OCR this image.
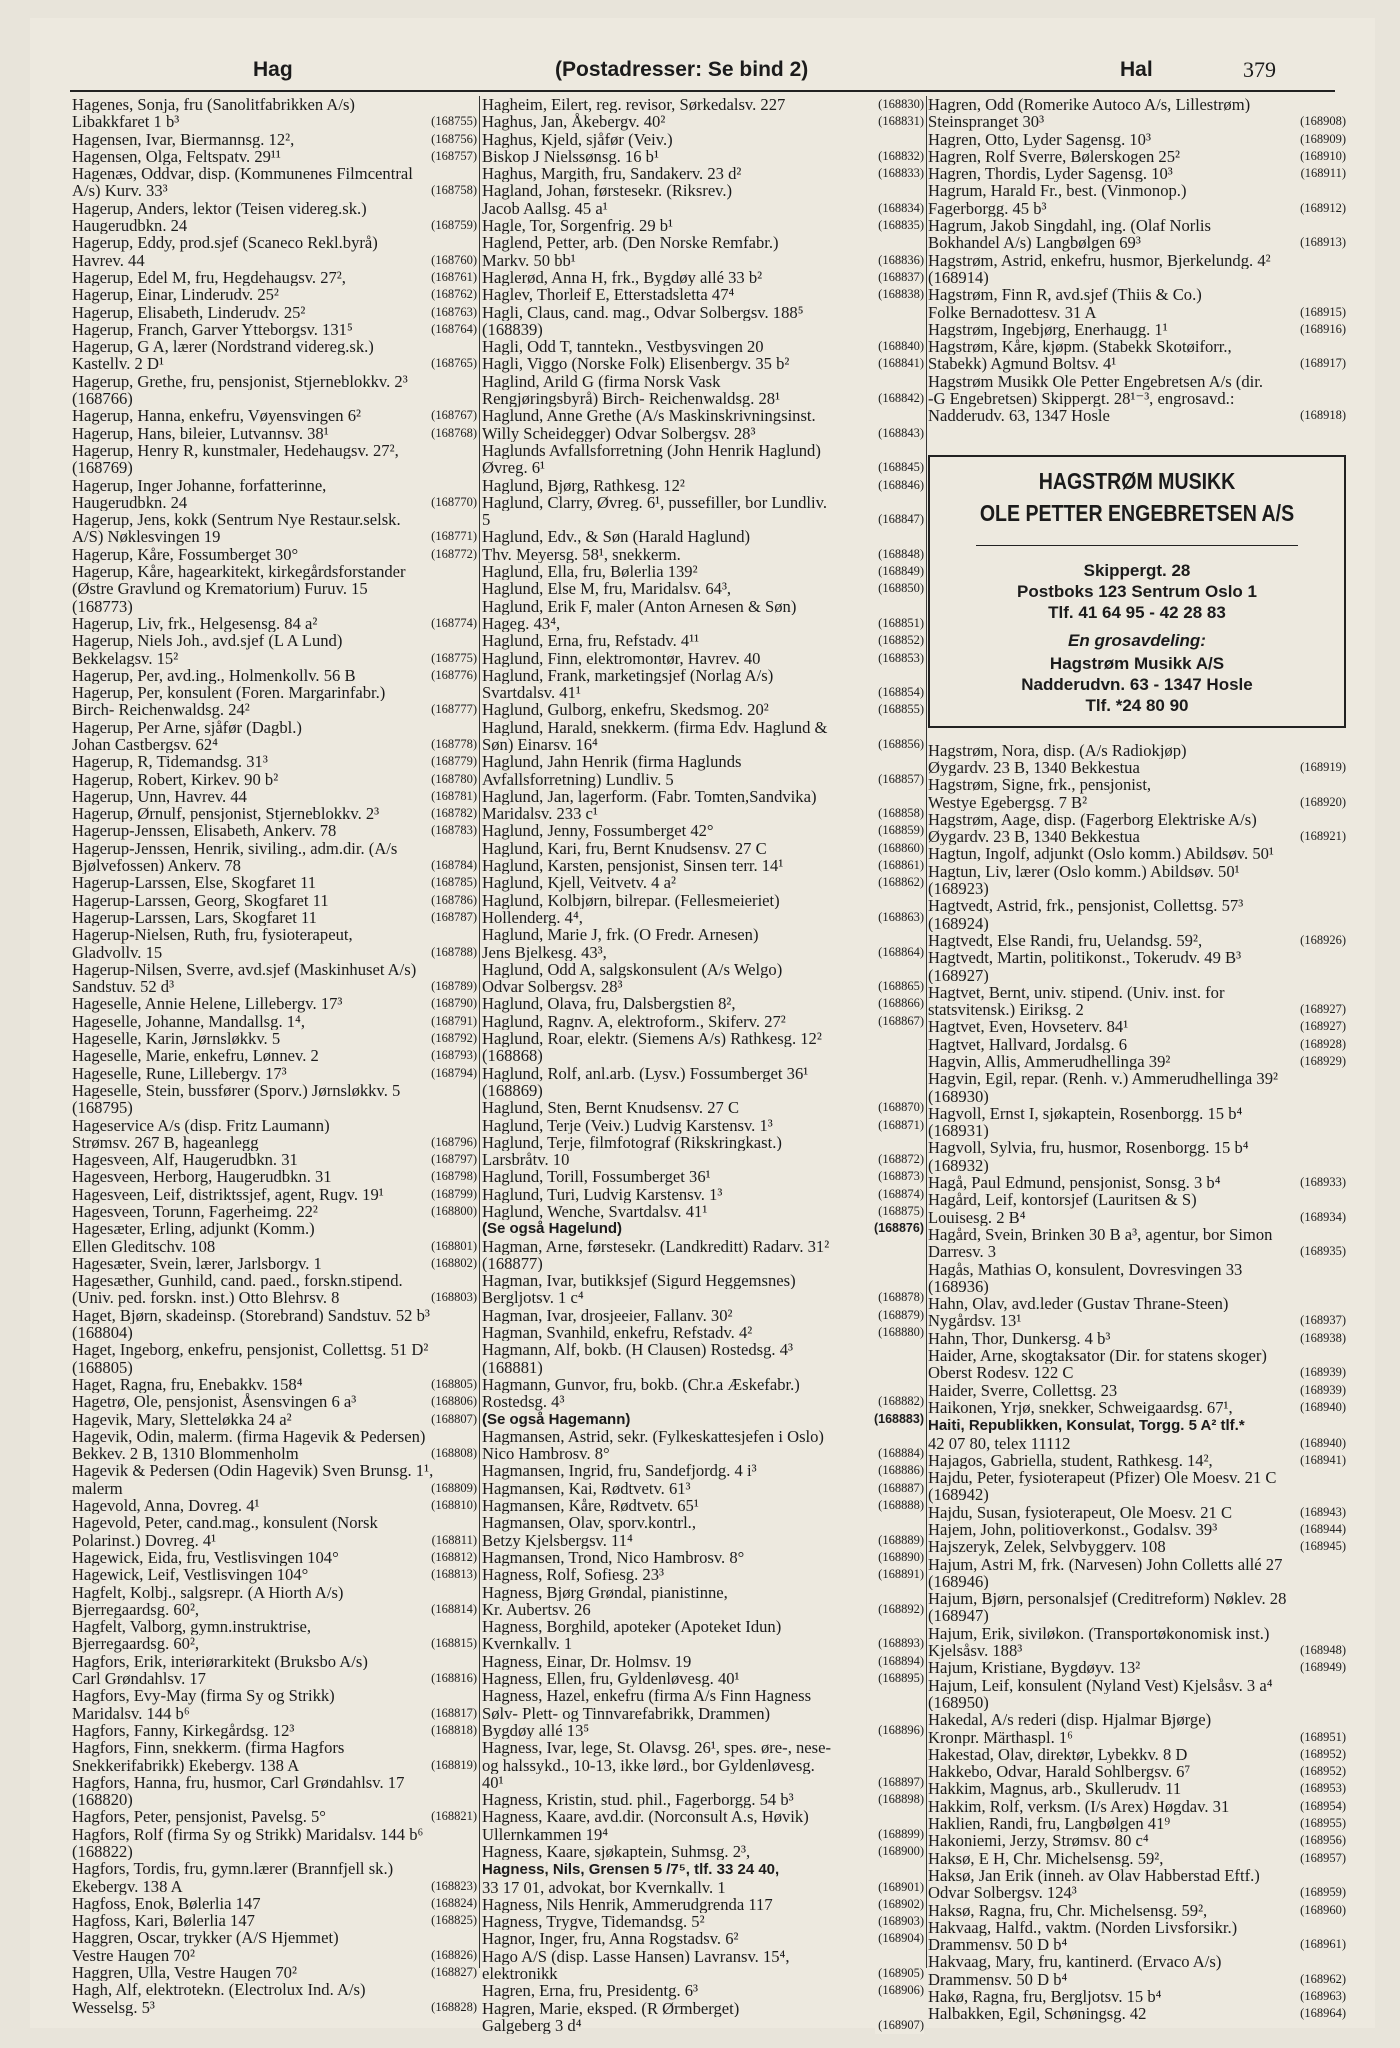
Hag	(Postadresser: Se bind 2)	Hal	379
Hagenes, Sonja, fru (Sanolitfabrikken A/s)
Libakkfaret 1 b³	(168755)
Hagensen, Ivar, Biermannsg. 12²,	(168756)
Hagensen, Olga, Feltspatv. 29¹¹	(168757)
Hagenæs, Oddvar, disp. (Kommunenes Filmcentral
A/s) Kurv. 33³	(168758)
Hagerup, Anders, lektor (Teisen videreg.sk.)
Haugerudbkn. 24	(168759)
Hagerup, Eddy, prod.sjef (Scaneco Rekl.byrå)
Havrev. 44	(168760)
Hagerup, Edel M, fru, Hegdehaugsv. 27²,	(168761)
Hagerup, Einar, Linderudv. 25²	(168762)
Hagerup, Elisabeth, Linderudv. 25²	(168763)
Hagerup, Franch, Garver Ytteborgsv. 131⁵	(168764)
Hagerup, G A, lærer (Nordstrand videreg.sk.)
Kastellv. 2 D¹	(168765)
Hagerup, Grethe, fru, pensjonist, Stjerneblokkv. 2³
(168766)
Hagerup, Hanna, enkefru, Vøyensvingen 6²	(168767)
Hagerup, Hans, bileier, Lutvannsv. 38¹	(168768)
Hagerup, Henry R, kunstmaler, Hedehaugsv. 27²,
(168769)
Hagerup, Inger Johanne, forfatterinne,
Haugerudbkn. 24	(168770)
Hagerup, Jens, kokk (Sentrum Nye Restaur.selsk.
A/S) Nøklesvingen 19	(168771)
Hagerup, Kåre, Fossumberget 30°	(168772)
Hagerup, Kåre, hagearkitekt, kirkegårdsforstander
(Østre Gravlund og Krematorium) Furuv. 15
(168773)
Hagerup, Liv, frk., Helgesensg. 84 a²	(168774)
Hagerup, Niels Joh., avd.sjef (L A Lund)
Bekkelagsv. 15²	(168775)
Hagerup, Per, avd.ing., Holmenkollv. 56 B	(168776)
Hagerup, Per, konsulent (Foren. Margarinfabr.)
Birch- Reichenwaldsg. 24²	(168777)
Hagerup, Per Arne, sjåfør (Dagbl.)
Johan Castbergsv. 62⁴	(168778)
Hagerup, R, Tidemandsg. 31³	(168779)
Hagerup, Robert, Kirkev. 90 b²	(168780)
Hagerup, Unn, Havrev. 44	(168781)
Hagerup, Ørnulf, pensjonist, Stjerneblokkv. 2³	(168782)
Hagerup-Jenssen, Elisabeth, Ankerv. 78	(168783)
Hagerup-Jenssen, Henrik, siviling., adm.dir. (A/s
Bjølvefossen) Ankerv. 78	(168784)
Hagerup-Larssen, Else, Skogfaret 11	(168785)
Hagerup-Larssen, Georg, Skogfaret 11	(168786)
Hagerup-Larssen, Lars, Skogfaret 11	(168787)
Hagerup-Nielsen, Ruth, fru, fysioterapeut,
Gladvollv. 15	(168788)
Hagerup-Nilsen, Sverre, avd.sjef (Maskinhuset A/s)
Sandstuv. 52 d³	(168789)
Hageselle, Annie Helene, Lillebergv. 17³	(168790)
Hageselle, Johanne, Mandallsg. 1⁴,	(168791)
Hageselle, Karin, Jørnsløkkv. 5	(168792)
Hageselle, Marie, enkefru, Lønnev. 2	(168793)
Hageselle, Rune, Lillebergv. 17³	(168794)
Hageselle, Stein, bussfører (Sporv.) Jørnsløkkv. 5
(168795)
Hageservice A/s (disp. Fritz Laumann)
Strømsv. 267 B, hageanlegg	(168796)
Hagesveen, Alf, Haugerudbkn. 31	(168797)
Hagesveen, Herborg, Haugerudbkn. 31	(168798)
Hagesveen, Leif, distriktssjef, agent, Rugv. 19¹	(168799)
Hagesveen, Torunn, Fagerheimg. 22²	(168800)
Hagesæter, Erling, adjunkt (Komm.)
Ellen Gleditschv. 108	(168801)
Hagesæter, Svein, lærer, Jarlsborgv. 1	(168802)
Hagesæther, Gunhild, cand. paed., forskn.stipend.
(Univ. ped. forskn. inst.) Otto Blehrsv. 8	(168803)
Haget, Bjørn, skadeinsp. (Storebrand) Sandstuv. 52 b³
(168804)
Haget, Ingeborg, enkefru, pensjonist, Collettsg. 51 D²
(168805)
Haget, Ragna, fru, Enebakkv. 158⁴	(168805)
Hagetrø, Ole, pensjonist, Åsensvingen 6 a³	(168806)
Hagevik, Mary, Sletteløkka 24 a²	(168807)
Hagevik, Odin, malerm. (firma Hagevik & Pedersen)
Bekkev. 2 B, 1310 Blommenholm	(168808)
Hagevik & Pedersen (Odin Hagevik) Sven Brunsg. 1¹,
malerm	(168809)
Hagevold, Anna, Dovreg. 4¹	(168810)
Hagevold, Peter, cand.mag., konsulent (Norsk
Polarinst.) Dovreg. 4¹	(168811)
Hagewick, Eida, fru, Vestlisvingen 104°	(168812)
Hagewick, Leif, Vestlisvingen 104°	(168813)
Hagfelt, Kolbj., salgsrepr. (A Hiorth A/s)
Bjerregaardsg. 60²,	(168814)
Hagfelt, Valborg, gymn.instruktrise,
Bjerregaardsg. 60²,	(168815)
Hagfors, Erik, interiørarkitekt (Bruksbo A/s)
Carl Grøndahlsv. 17	(168816)
Hagfors, Evy-May (firma Sy og Strikk)
Maridalsv. 144 b⁶	(168817)
Hagfors, Fanny, Kirkegårdsg. 12³	(168818)
Hagfors, Finn, snekkerm. (firma Hagfors
Snekkerifabrikk) Ekebergv. 138 A	(168819)
Hagfors, Hanna, fru, husmor, Carl Grøndahlsv. 17
(168820)
Hagfors, Peter, pensjonist, Pavelsg. 5°	(168821)
Hagfors, Rolf (firma Sy og Strikk) Maridalsv. 144 b⁶
(168822)
Hagfors, Tordis, fru, gymn.lærer (Brannfjell sk.)
Ekebergv. 138 A	(168823)
Hagfoss, Enok, Bølerlia 147	(168824)
Hagfoss, Kari, Bølerlia 147	(168825)
Haggren, Oscar, trykker (A/S Hjemmet)
Vestre Haugen 70²	(168826)
Haggren, Ulla, Vestre Haugen 70²	(168827)
Hagh, Alf, elektrotekn. (Electrolux Ind. A/s)
Wesselsg. 5³	(168828)
Hagheim, Eilert, reg. revisor, Sørkedalsv. 227	(168830)
Haghus, Jan, Åkebergv. 40²	(168831)
Haghus, Kjeld, sjåfør (Veiv.)
Biskop J Nielssønsg. 16 b¹	(168832)
Haghus, Margith, fru, Sandakerv. 23 d²	(168833)
Hagland, Johan, førstesekr. (Riksrev.)
Jacob Aallsg. 45 a¹	(168834)
Hagle, Tor, Sorgenfrig. 29 b¹	(168835)
Haglend, Petter, arb. (Den Norske Remfabr.)
Markv. 50 bb¹	(168836)
Haglerød, Anna H, frk., Bygdøy allé 33 b²	(168837)
Haglev, Thorleif E, Etterstadsletta 47⁴	(168838)
Hagli, Claus, cand. mag., Odvar Solbergsv. 188⁵
(168839)
Hagli, Odd T, tanntekn., Vestbysvingen 20	(168840)
Hagli, Viggo (Norske Folk) Elisenbergv. 35 b²	(168841)
Haglind, Arild G (firma Norsk Vask
Rengjøringsbyrå) Birch- Reichenwaldsg. 28¹	(168842)
Haglund, Anne Grethe (A/s Maskinskrivningsinst.
Willy Scheidegger) Odvar Solbergsv. 28³	(168843)
Haglunds Avfallsforretning (John Henrik Haglund)
Øvreg. 6¹	(168845)
Haglund, Bjørg, Rathkesg. 12²	(168846)
Haglund, Clarry, Øvreg. 6¹, pussefiller, bor Lundliv.
5	(168847)
Haglund, Edv., & Søn (Harald Haglund)
Thv. Meyersg. 58¹, snekkerm.	(168848)
Haglund, Ella, fru, Bølerlia 139²	(168849)
Haglund, Else M, fru, Maridalsv. 64³,	(168850)
Haglund, Erik F, maler (Anton Arnesen & Søn)
Hageg. 43⁴,	(168851)
Haglund, Erna, fru, Refstadv. 4¹¹	(168852)
Haglund, Finn, elektromontør, Havrev. 40	(168853)
Haglund, Frank, marketingsjef (Norlag A/s)
Svartdalsv. 41¹	(168854)
Haglund, Gulborg, enkefru, Skedsmog. 20²	(168855)
Haglund, Harald, snekkerm. (firma Edv. Haglund &
Søn) Einarsv. 16⁴	(168856)
Haglund, Jahn Henrik (firma Haglunds
Avfallsforretning) Lundliv. 5	(168857)
Haglund, Jan, lagerform. (Fabr. Tomten,Sandvika)
Maridalsv. 233 c¹	(168858)
Haglund, Jenny, Fossumberget 42°	(168859)
Haglund, Kari, fru, Bernt Knudsensv. 27 C	(168860)
Haglund, Karsten, pensjonist, Sinsen terr. 14¹	(168861)
Haglund, Kjell, Veitvetv. 4 a²	(168862)
Haglund, Kolbjørn, bilrepar. (Fellesmeieriet)
Hollenderg. 4⁴,	(168863)
Haglund, Marie J, frk. (O Fredr. Arnesen)
Jens Bjelkesg. 43³,	(168864)
Haglund, Odd A, salgskonsulent (A/s Welgo)
Odvar Solbergsv. 28³	(168865)
Haglund, Olava, fru, Dalsbergstien 8²,	(168866)
Haglund, Ragnv. A, elektroform., Skiferv. 27²	(168867)
Haglund, Roar, elektr. (Siemens A/s) Rathkesg. 12²
(168868)
Haglund, Rolf, anl.arb. (Lysv.) Fossumberget 36¹
(168869)
Haglund, Sten, Bernt Knudsensv. 27 C	(168870)
Haglund, Terje (Veiv.) Ludvig Karstensv. 1³	(168871)
Haglund, Terje, filmfotograf (Rikskringkast.)
Larsbråtv. 10	(168872)
Haglund, Torill, Fossumberget 36¹	(168873)
Haglund, Turi, Ludvig Karstensv. 1³	(168874)
Haglund, Wenche, Svartdalsv. 41¹	(168875)
(Se også Hagelund)	(168876)
Hagman, Arne, førstesekr. (Landkreditt) Radarv. 31²
(168877)
Hagman, Ivar, butikksjef (Sigurd Heggemsnes)
Bergljotsv. 1 c⁴	(168878)
Hagman, Ivar, drosjeeier, Fallanv. 30²	(168879)
Hagman, Svanhild, enkefru, Refstadv. 4²	(168880)
Hagmann, Alf, bokb. (H Clausen) Rostedsg. 4³
(168881)
Hagmann, Gunvor, fru, bokb. (Chr.a Æskefabr.)
Rostedsg. 4³	(168882)
(Se også Hagemann)	(168883)
Hagmansen, Astrid, sekr. (Fylkeskattesjefen i Oslo)
Nico Hambrosv. 8°	(168884)
Hagmansen, Ingrid, fru, Sandefjordg. 4 i³	(168886)
Hagmansen, Kai, Rødtvetv. 61³	(168887)
Hagmansen, Kåre, Rødtvetv. 65¹	(168888)
Hagmansen, Olav, sporv.kontrl.,
Betzy Kjelsbergsv. 11⁴	(168889)
Hagmansen, Trond, Nico Hambrosv. 8°	(168890)
Hagness, Rolf, Sofiesg. 23³	(168891)
Hagness, Bjørg Grøndal, pianistinne,
Kr. Aubertsv. 26	(168892)
Hagness, Borghild, apoteker (Apoteket Idun)
Kvernkallv. 1	(168893)
Hagness, Einar, Dr. Holmsv. 19	(168894)
Hagness, Ellen, fru, Gyldenløvesg. 40¹	(168895)
Hagness, Hazel, enkefru (firma A/s Finn Hagness
Sølv- Plett- og Tinnvarefabrikk, Drammen)
Bygdøy allé 13⁵	(168896)
Hagness, Ivar, lege, St. Olavsg. 26¹, spes. øre-, nese-
og halssykd., 10-13, ikke lørd., bor Gyldenløvesg.
40¹	(168897)
Hagness, Kristin, stud. phil., Fagerborgg. 54 b³	(168898)
Hagness, Kaare, avd.dir. (Norconsult A.s, Høvik)
Ullernkammen 19⁴	(168899)
Hagness, Kaare, sjøkaptein, Suhmsg. 2³,	(168900)
Hagness, Nils, Grensen 5 /7⁵, tlf. 33 24 40,
33 17 01, advokat, bor Kvernkallv. 1	(168901)
Hagness, Nils Henrik, Ammerudgrenda 117	(168902)
Hagness, Trygve, Tidemandsg. 5²	(168903)
Hagnor, Inger, fru, Anna Rogstadsv. 6²	(168904)
Hago A/S (disp. Lasse Hansen) Lavransv. 15⁴,
elektronikk	(168905)
Hagren, Erna, fru, Presidentg. 6³	(168906)
Hagren, Marie, eksped. (R Ørmberget)
Galgeberg 3 d⁴	(168907)
Hagren, Odd (Romerike Autoco A/s, Lillestrøm)
Steinspranget 30³	(168908)
Hagren, Otto, Lyder Sagensg. 10³	(168909)
Hagren, Rolf Sverre, Bølerskogen 25²	(168910)
Hagren, Thordis, Lyder Sagensg. 10³	(168911)
Hagrum, Harald Fr., best. (Vinmonop.)
Fagerborgg. 45 b³	(168912)
Hagrum, Jakob Singdahl, ing. (Olaf Norlis
Bokhandel A/s) Langbølgen 69³	(168913)
Hagstrøm, Astrid, enkefru, husmor, Bjerkelundg. 4²
(168914)
Hagstrøm, Finn R, avd.sjef (Thiis & Co.)
Folke Bernadottesv. 31 A	(168915)
Hagstrøm, Ingebjørg, Enerhaugg. 1¹	(168916)
Hagstrøm, Kåre, kjøpm. (Stabekk Skotøiforr.,
Stabekk) Agmund Boltsv. 4¹	(168917)
Hagstrøm Musikk Ole Petter Engebretsen A/s (dir.
-G Engebretsen) Skippergt. 28¹⁻³, engrosavd.:
Nadderudv. 63, 1347 Hosle	(168918)
HAGSTRØM MUSIKK
OLE PETTER ENGEBRETSEN A/S
Skippergt. 28
Postboks 123 Sentrum Oslo 1
Tlf. 41 64 95 - 42 28 83
En grosavdeling:
Hagstrøm Musikk A/S
Nadderudvn. 63 - 1347 Hosle
Tlf. *24 80 90
Hagstrøm, Nora, disp. (A/s Radiokjøp)
Øygardv. 23 B, 1340 Bekkestua	(168919)
Hagstrøm, Signe, frk., pensjonist,
Westye Egebergsg. 7 B²	(168920)
Hagstrøm, Aage, disp. (Fagerborg Elektriske A/s)
Øygardv. 23 B, 1340 Bekkestua	(168921)
Hagtun, Ingolf, adjunkt (Oslo komm.) Abildsøv. 50¹
Hagtun, Liv, lærer (Oslo komm.) Abildsøv. 50¹
(168923)
Hagtvedt, Astrid, frk., pensjonist, Collettsg. 57³
(168924)
Hagtvedt, Else Randi, fru, Uelandsg. 59²,	(168926)
Hagtvedt, Martin, politikonst., Tokerudv. 49 B³
(168927)
Hagtvet, Bernt, univ. stipend. (Univ. inst. for
statsvitensk.) Eiriksg. 2	(168927)
Hagtvet, Even, Hovseterv. 84¹	(168927)
Hagtvet, Hallvard, Jordalsg. 6	(168928)
Hagvin, Allis, Ammerudhellinga 39²	(168929)
Hagvin, Egil, repar. (Renh. v.) Ammerudhellinga 39²
(168930)
Hagvoll, Ernst I, sjøkaptein, Rosenborgg. 15 b⁴
(168931)
Hagvoll, Sylvia, fru, husmor, Rosenborgg. 15 b⁴
(168932)
Hagå, Paul Edmund, pensjonist, Sonsg. 3 b⁴	(168933)
Hagård, Leif, kontorsjef (Lauritsen & S)
Louisesg. 2 B⁴	(168934)
Hagård, Svein, Brinken 30 B a³, agentur, bor Simon
Darresv. 3	(168935)
Hagås, Mathias O, konsulent, Dovresvingen 33
(168936)
Hahn, Olav, avd.leder (Gustav Thrane-Steen)
Nygårdsv. 13¹	(168937)
Hahn, Thor, Dunkersg. 4 b³	(168938)
Haider, Arne, skogtaksator (Dir. for statens skoger)
Oberst Rodesv. 122 C	(168939)
Haider, Sverre, Collettsg. 23	(168939)
Haikonen, Yrjø, snekker, Schweigaardsg. 67¹,	(168940)
Haiti, Republikken, Konsulat, Torgg. 5 A² tlf.*
42 07 80, telex 11112	(168940)
Hajagos, Gabriella, student, Rathkesg. 14²,	(168941)
Hajdu, Peter, fysioterapeut (Pfizer) Ole Moesv. 21 C
(168942)
Hajdu, Susan, fysioterapeut, Ole Moesv. 21 C	(168943)
Hajem, John, politioverkonst., Godalsv. 39³	(168944)
Hajszeryk, Zelek, Selvbyggerv. 108	(168945)
Hajum, Astri M, frk. (Narvesen) John Colletts allé 27
(168946)
Hajum, Bjørn, personalsjef (Creditreform) Nøklev. 28
(168947)
Hajum, Erik, siviløkon. (Transportøkonomisk inst.)
Kjelsåsv. 188³	(168948)
Hajum, Kristiane, Bygdøyv. 13²	(168949)
Hajum, Leif, konsulent (Nyland Vest) Kjelsåsv. 3 a⁴
(168950)
Hakedal, A/s rederi (disp. Hjalmar Bjørge)
Kronpr. Märthaspl. 1⁶	(168951)
Hakestad, Olav, direktør, Lybekkv. 8 D	(168952)
Hakkebo, Odvar, Harald Sohlbergsv. 6⁷	(168952)
Hakkim, Magnus, arb., Skullerudv. 11	(168953)
Hakkim, Rolf, verksm. (I/s Arex) Høgdav. 31	(168954)
Haklien, Randi, fru, Langbølgen 41⁹	(168955)
Hakoniemi, Jerzy, Strømsv. 80 c⁴	(168956)
Haksø, E H, Chr. Michelsensg. 59²,	(168957)
Haksø, Jan Erik (inneh. av Olav Habberstad Eftf.)
Odvar Solbergsv. 124³	(168959)
Haksø, Ragna, fru, Chr. Michelsensg. 59²,	(168960)
Hakvaag, Halfd., vaktm. (Norden Livsforsikr.)
Drammensv. 50 D b⁴	(168961)
Hakvaag, Mary, fru, kantinerd. (Ervaco A/s)
Drammensv. 50 D b⁴	(168962)
Hakø, Ragna, fru, Bergljotsv. 15 b⁴	(168963)
Halbakken, Egil, Schøningsg. 42	(168964)
